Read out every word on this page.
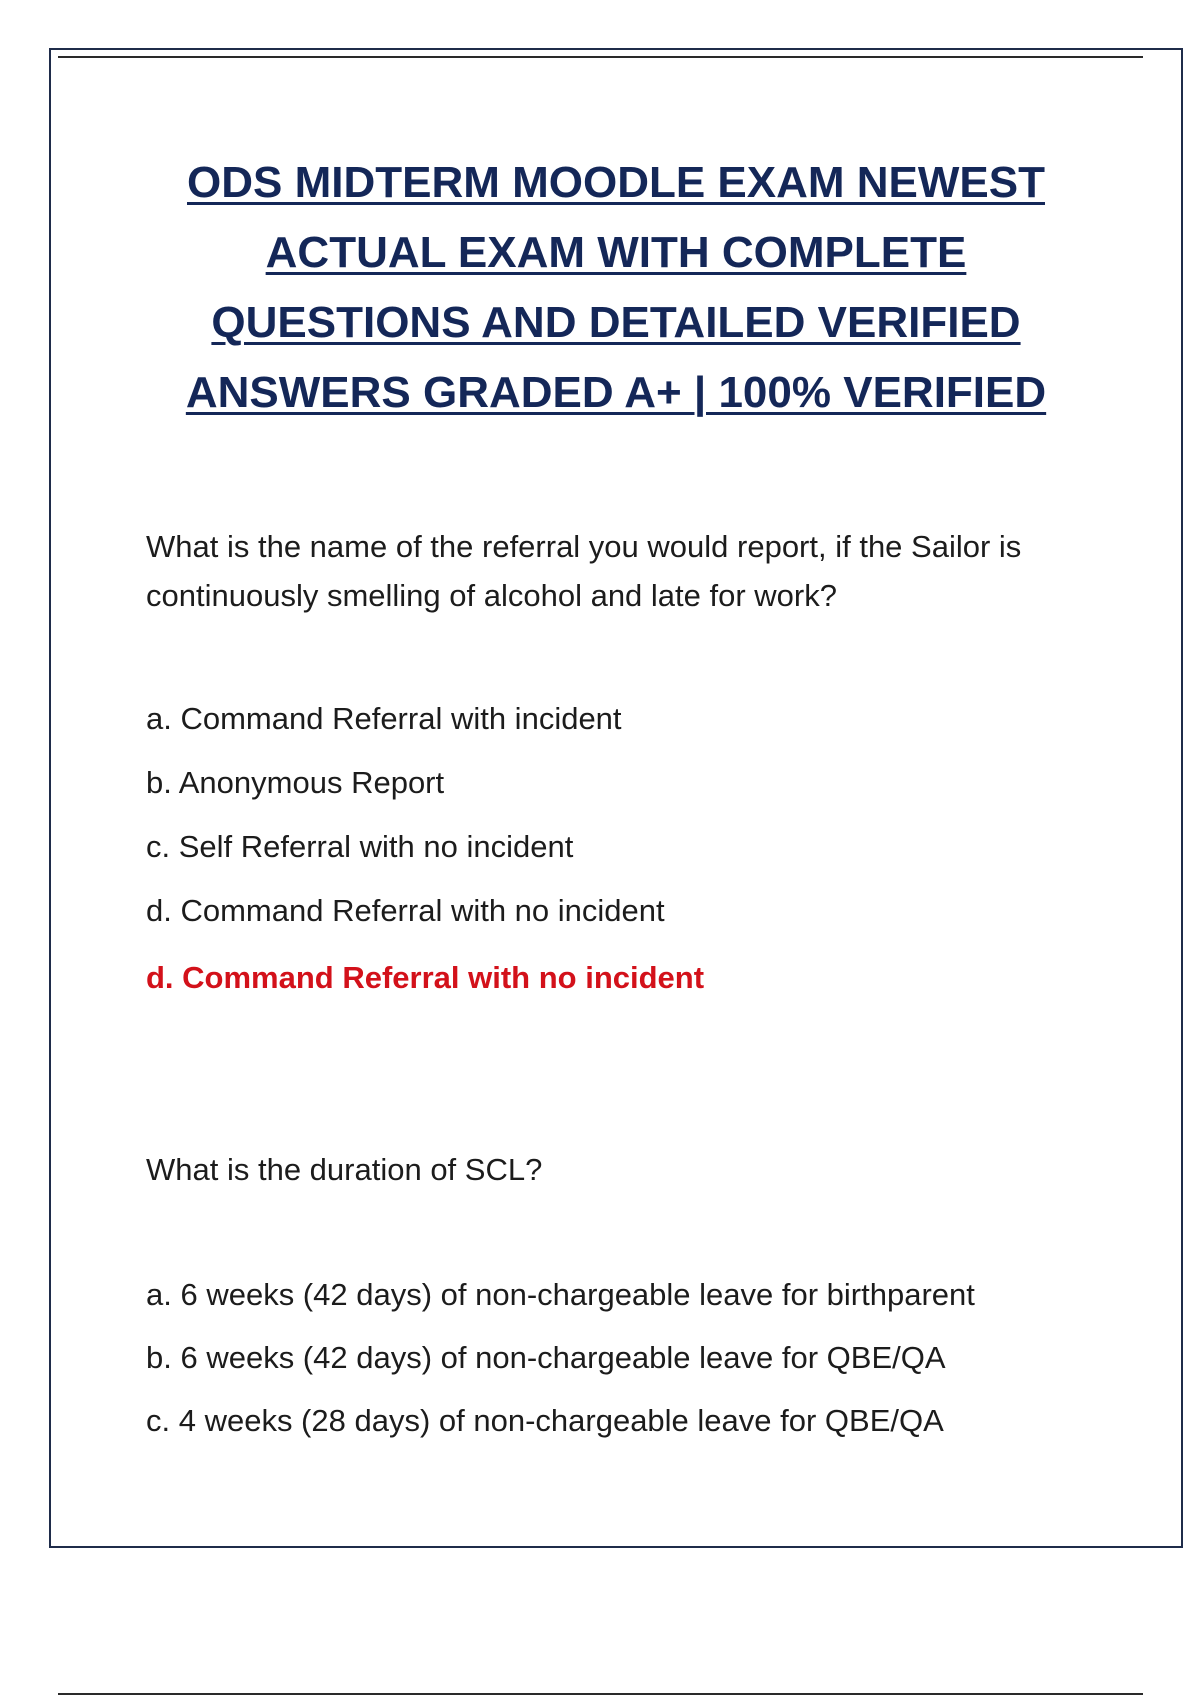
ODS MIDTERM MOODLE EXAM NEWEST
ACTUAL EXAM WITH COMPLETE
QUESTIONS AND DETAILED VERIFIED
ANSWERS GRADED A+ | 100% VERIFIED

What is the name of the referral you would report, if the Sailor is continuously smelling of alcohol and late for work?

a. Command Referral with incident
b. Anonymous Report
c. Self Referral with no incident
d. Command Referral with no incident

d. Command Referral with no incident

What is the duration of SCL?

a. 6 weeks (42 days) of non-chargeable leave for birthparent
b. 6 weeks (42 days) of non-chargeable leave for QBE/QA
c. 4 weeks (28 days) of non-chargeable leave for QBE/QA
